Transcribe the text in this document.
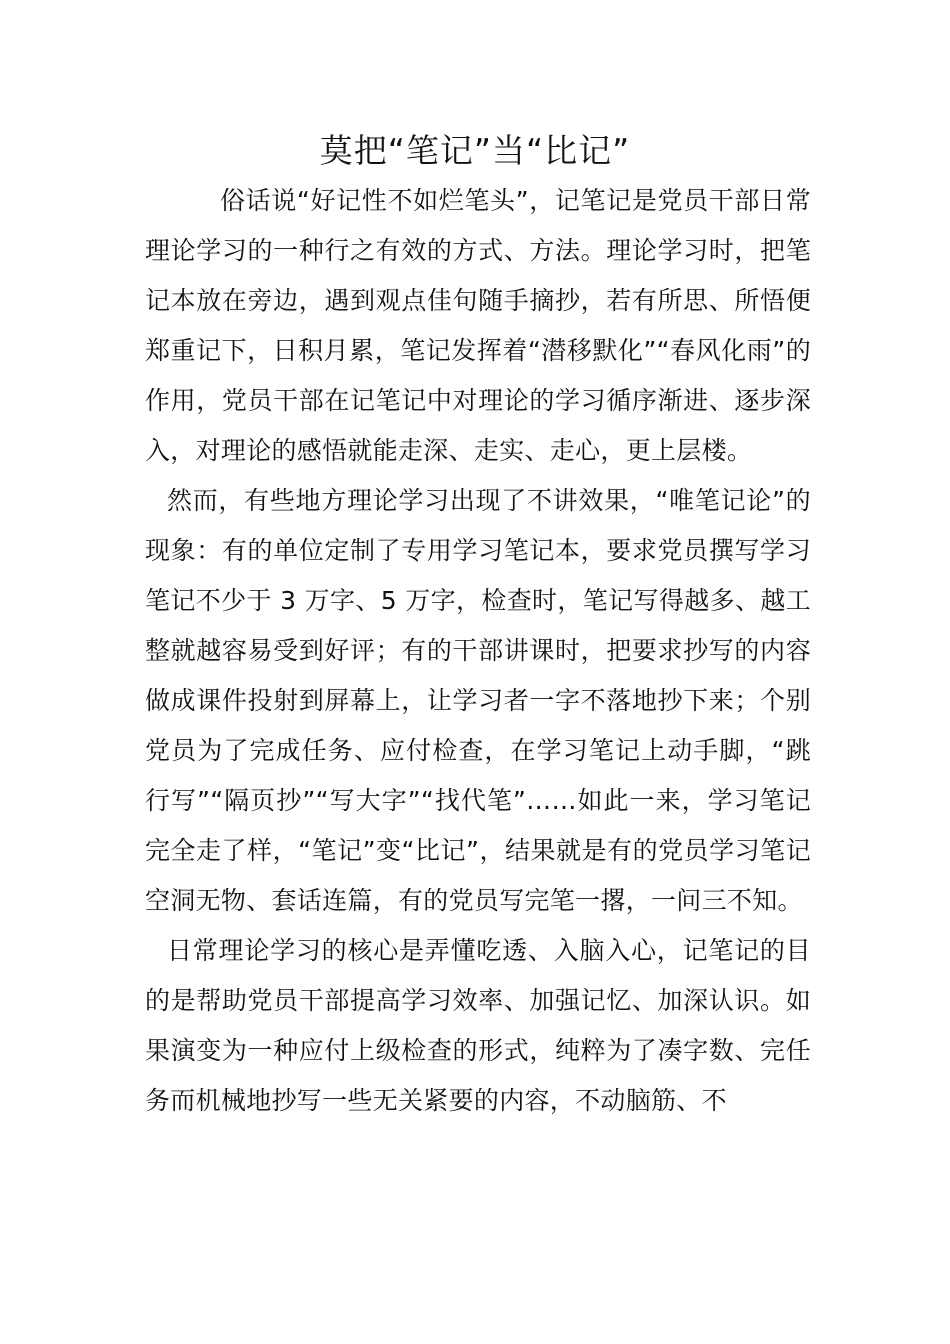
莫把“笔记”当“比记”

俗话说“好记性不如烂笔头”，记笔记是党员干部日常理论学习的一种行之有效的方式、方法。理论学习时，把笔记本放在旁边，遇到观点佳句随手摘抄，若有所思、所悟便郑重记下，日积月累，笔记发挥着“潜移默化”“春风化雨”的作用，党员干部在记笔记中对理论的学习循序渐进、逐步深入，对理论的感悟就能走深、走实、走心，更上层楼。

然而，有些地方理论学习出现了不讲效果，“唯笔记论”的现象：有的单位定制了专用学习笔记本，要求党员撰写学习笔记不少于 3 万字、5 万字，检查时，笔记写得越多、越工整就越容易受到好评；有的干部讲课时，把要求抄写的内容做成课件投射到屏幕上，让学习者一字不落地抄下来；个别党员为了完成任务、应付检查，在学习笔记上动手脚，“跳行写”“隔页抄”“写大字”“找代笔”……如此一来，学习笔记完全走了样，“笔记”变“比记”，结果就是有的党员学习笔记空洞无物、套话连篇，有的党员写完笔一撂，一问三不知。

日常理论学习的核心是弄懂吃透、入脑入心，记笔记的目的是帮助党员干部提高学习效率、加强记忆、加深认识。如果演变为一种应付上级检查的形式，纯粹为了凑字数、完任务而机械地抄写一些无关紧要的内容，不动脑筋、不
